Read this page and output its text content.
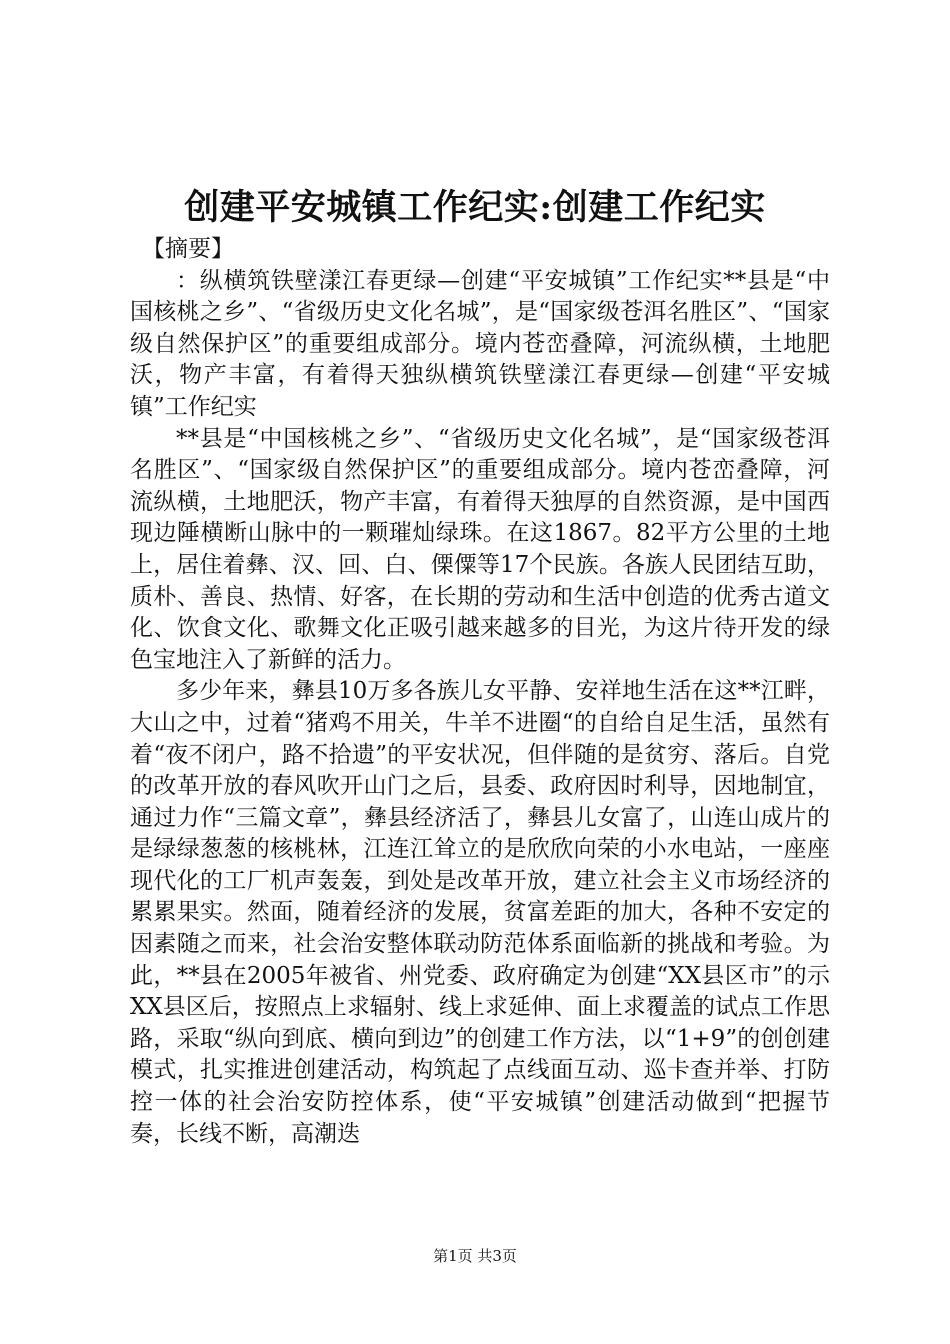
创建平安城镇工作纪实:创建工作纪实

【摘要】

：纵横筑铁壁漾江春更绿—创建“平安城镇”工作纪实**县是“中国核桃之乡”、“省级历史文化名城”，是“国家级苍洱名胜区”、“国家级自然保护区”的重要组成部分。境内苍峦叠障，河流纵横，土地肥沃，物产丰富，有着得天独纵横筑铁壁漾江春更绿—创建“平安城镇”工作纪实

**县是“中国核桃之乡”、“省级历史文化名城”，是“国家级苍洱名胜区”、“国家级自然保护区”的重要组成部分。境内苍峦叠障，河流纵横，土地肥沃，物产丰富，有着得天独厚的自然资源，是中国西现边陲横断山脉中的一颗璀灿绿珠。在这1867。82平方公里的土地上，居住着彝、汉、回、白、傈僳等17个民族。各族人民团结互助，质朴、善良、热情、好客，在长期的劳动和生活中创造的优秀古道文化、饮食文化、歌舞文化正吸引越来越多的目光，为这片待开发的绿色宝地注入了新鲜的活力。

多少年来，彝县10万多各族儿女平静、安祥地生活在这**江畔，大山之中，过着“猪鸡不用关，牛羊不进圈“的自给自足生活，虽然有着“夜不闭户，路不拾遗”的平安状况，但伴随的是贫穷、落后。自党的改革开放的春风吹开山门之后，县委、政府因时利导，因地制宜，通过力作“三篇文章”，彝县经济活了，彝县儿女富了，山连山成片的是绿绿葱葱的核桃林，江连江耸立的是欣欣向荣的小水电站，一座座现代化的工厂机声轰轰，到处是改革开放，建立社会主义市场经济的累累果实。然面，随着经济的发展，贫富差距的加大，各种不安定的因素随之而来，社会治安整体联动防范体系面临新的挑战和考验。为此，**县在2005年被省、州党委、政府确定为创建“XX县区市”的示XX县区后，按照点上求辐射、线上求延伸、面上求覆盖的试点工作思路，采取“纵向到底、横向到边”的创建工作方法，以“1+9”的创创建模式，扎实推进创建活动，构筑起了点线面互动、巡卡查并举、打防控一体的社会治安防控体系，使“平安城镇”创建活动做到“把握节奏，长线不断，高潮迭

第1页 共3页
